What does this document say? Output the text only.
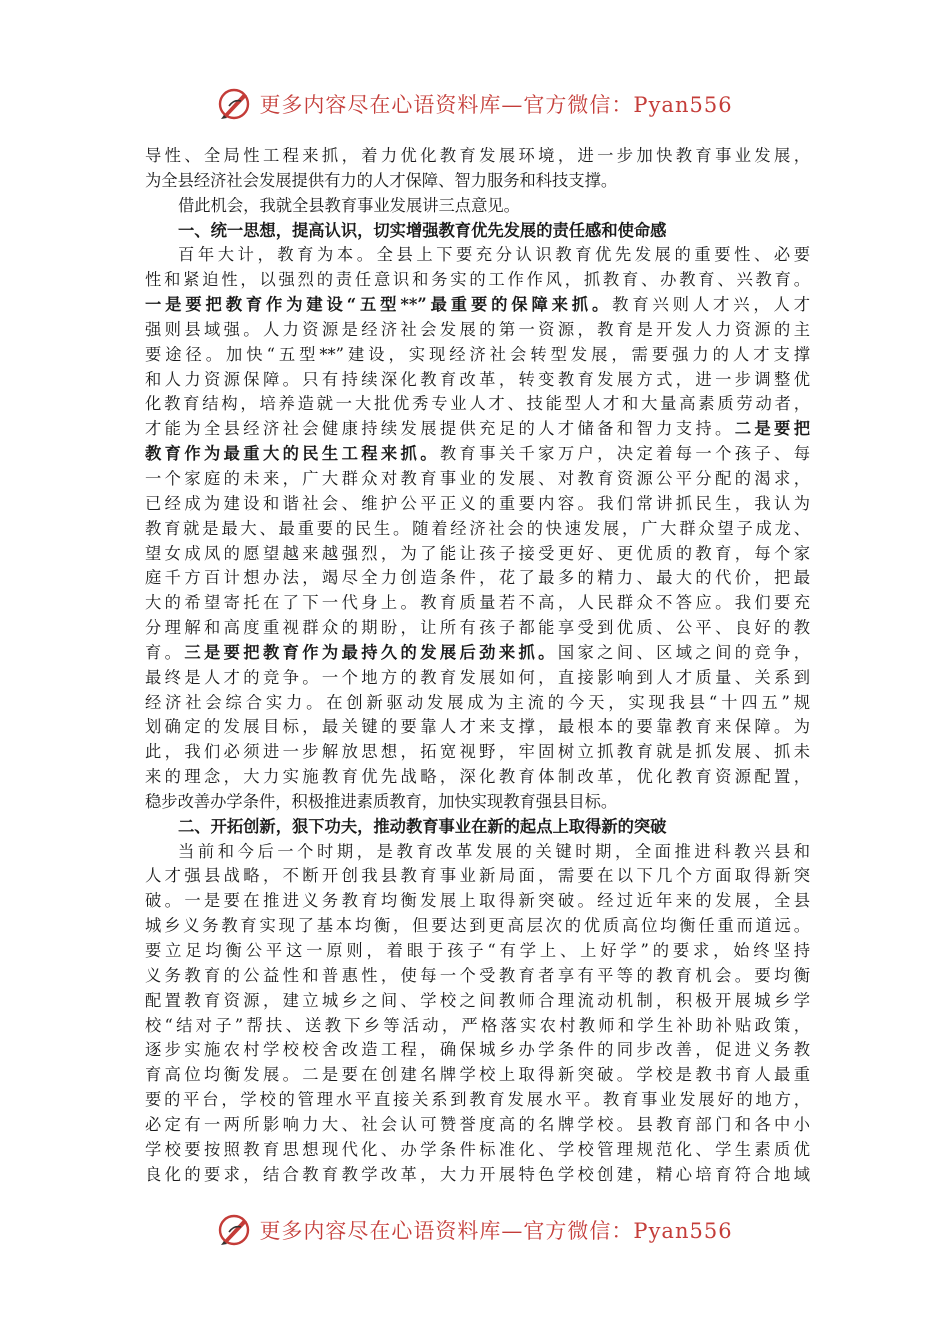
更多内容尽在心语资料库—官方微信：Pyan556
导性、全局性工程来抓，着力优化教育发展环境，进一步加快教育事业发展，
为全县经济社会发展提供有力的人才保障、智力服务和科技支撑。
借此机会，我就全县教育事业发展讲三点意见。
一、统一思想，提高认识，切实增强教育优先发展的责任感和使命感
百年大计，教育为本。全县上下要充分认识教育优先发展的重要性、必要
性和紧迫性，以强烈的责任意识和务实的工作作风，抓教育、办教育、兴教育。
一是要把教育作为建设“五型**”最重要的保障来抓。教育兴则人才兴，人才
强则县域强。人力资源是经济社会发展的第一资源，教育是开发人力资源的主
要途径。加快“五型**”建设，实现经济社会转型发展，需要强力的人才支撑
和人力资源保障。只有持续深化教育改革，转变教育发展方式，进一步调整优
化教育结构，培养造就一大批优秀专业人才、技能型人才和大量高素质劳动者，
才能为全县经济社会健康持续发展提供充足的人才储备和智力支持。二是要把
教育作为最重大的民生工程来抓。教育事关千家万户，决定着每一个孩子、每
一个家庭的未来，广大群众对教育事业的发展、对教育资源公平分配的渴求，
已经成为建设和谐社会、维护公平正义的重要内容。我们常讲抓民生，我认为
教育就是最大、最重要的民生。随着经济社会的快速发展，广大群众望子成龙、
望女成凤的愿望越来越强烈，为了能让孩子接受更好、更优质的教育，每个家
庭千方百计想办法，竭尽全力创造条件，花了最多的精力、最大的代价，把最
大的希望寄托在了下一代身上。教育质量若不高，人民群众不答应。我们要充
分理解和高度重视群众的期盼，让所有孩子都能享受到优质、公平、良好的教
育。三是要把教育作为最持久的发展后劲来抓。国家之间、区域之间的竞争，
最终是人才的竞争。一个地方的教育发展如何，直接影响到人才质量、关系到
经济社会综合实力。在创新驱动发展成为主流的今天，实现我县“十四五”规
划确定的发展目标，最关键的要靠人才来支撑，最根本的要靠教育来保障。为
此，我们必须进一步解放思想，拓宽视野，牢固树立抓教育就是抓发展、抓未
来的理念，大力实施教育优先战略，深化教育体制改革，优化教育资源配置，
稳步改善办学条件，积极推进素质教育，加快实现教育强县目标。
二、开拓创新，狠下功夫，推动教育事业在新的起点上取得新的突破
当前和今后一个时期，是教育改革发展的关键时期，全面推进科教兴县和
人才强县战略，不断开创我县教育事业新局面，需要在以下几个方面取得新突
破。一是要在推进义务教育均衡发展上取得新突破。经过近年来的发展，全县
城乡义务教育实现了基本均衡，但要达到更高层次的优质高位均衡任重而道远。
要立足均衡公平这一原则，着眼于孩子“有学上、上好学”的要求，始终坚持
义务教育的公益性和普惠性，使每一个受教育者享有平等的教育机会。要均衡
配置教育资源，建立城乡之间、学校之间教师合理流动机制，积极开展城乡学
校“结对子”帮扶、送教下乡等活动，严格落实农村教师和学生补助补贴政策，
逐步实施农村学校校舍改造工程，确保城乡办学条件的同步改善，促进义务教
育高位均衡发展。二是要在创建名牌学校上取得新突破。学校是教书育人最重
要的平台，学校的管理水平直接关系到教育发展水平。教育事业发展好的地方，
必定有一两所影响力大、社会认可赞誉度高的名牌学校。县教育部门和各中小
学校要按照教育思想现代化、办学条件标准化、学校管理规范化、学生素质优
良化的要求，结合教育教学改革，大力开展特色学校创建，精心培育符合地域
更多内容尽在心语资料库—官方微信：Pyan556
